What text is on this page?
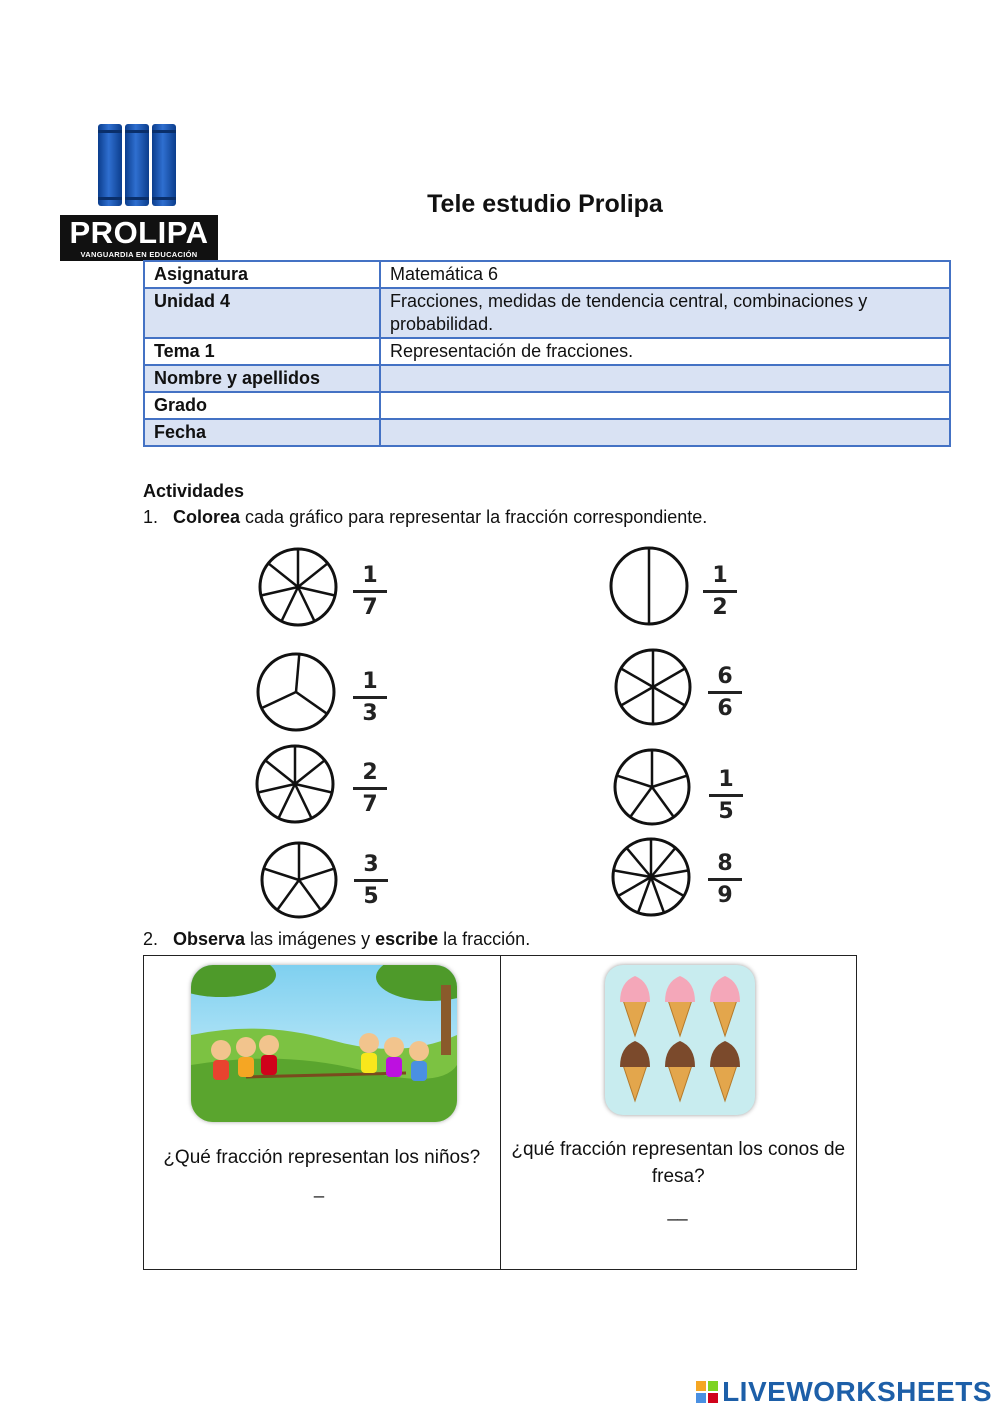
PROLIPA
VANGUARDIA EN EDUCACIÓN
Tele estudio Prolipa
Asignatura	Matemática 6
Unidad 4	Fracciones, medidas de tendencia central, combinaciones y probabilidad.
Tema 1	Representación de fracciones.
Nombre y apellidos	
Grado	
Fecha	
Actividades
1. Colorea cada gráfico para representar la fracción correspondiente.
1
7
1
2
1
3
6
6
2
7
1
5
3
5
8
9
2. Observa las imágenes y escribe la fracción.
¿Qué fracción representan los niños?
_

¿qué fracción representan los conos de fresa?
__
LIVEWORKSHEETS
